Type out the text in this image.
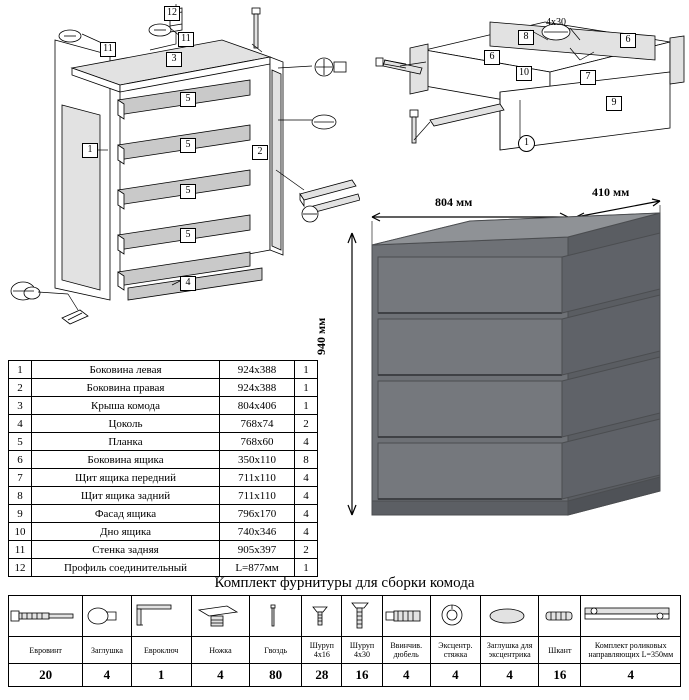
12
11
11
3
5
5
5
5
2
1
4
8
4x30
6
6
10	7
1
9
804 мм
410 мм
940 мм
1	Боковина левая	924х388	1
2	Боковина правая	924х388	1
3	Крыша комода	804х406	1
4	Цоколь	768х74	2
5	Планка	768х60	4
6	Боковина ящика	350х110	8
7	Щит ящика передний	711х110	4
8	Щит ящика задний	711х110	4
9	Фасад ящика	796х170	4
10	Дно ящика	740х346	4
11	Стенка задняя	905х397	2
12	Профиль соединительный	L=877мм	1
Комплект фурнитуры для сборки комода

Евровинт	Заглушка	Евроключ	Ножка	Гвоздь	Шуруп 4х16	Шуруп 4х30	Ввинчив. дюбель	Эксцентр. стяжка	Заглушка для эксцентрика	Шкант	Комплект роликовых направляющих L=350мм
20	4	1	4	80	28	16	4	4	4	16	4
